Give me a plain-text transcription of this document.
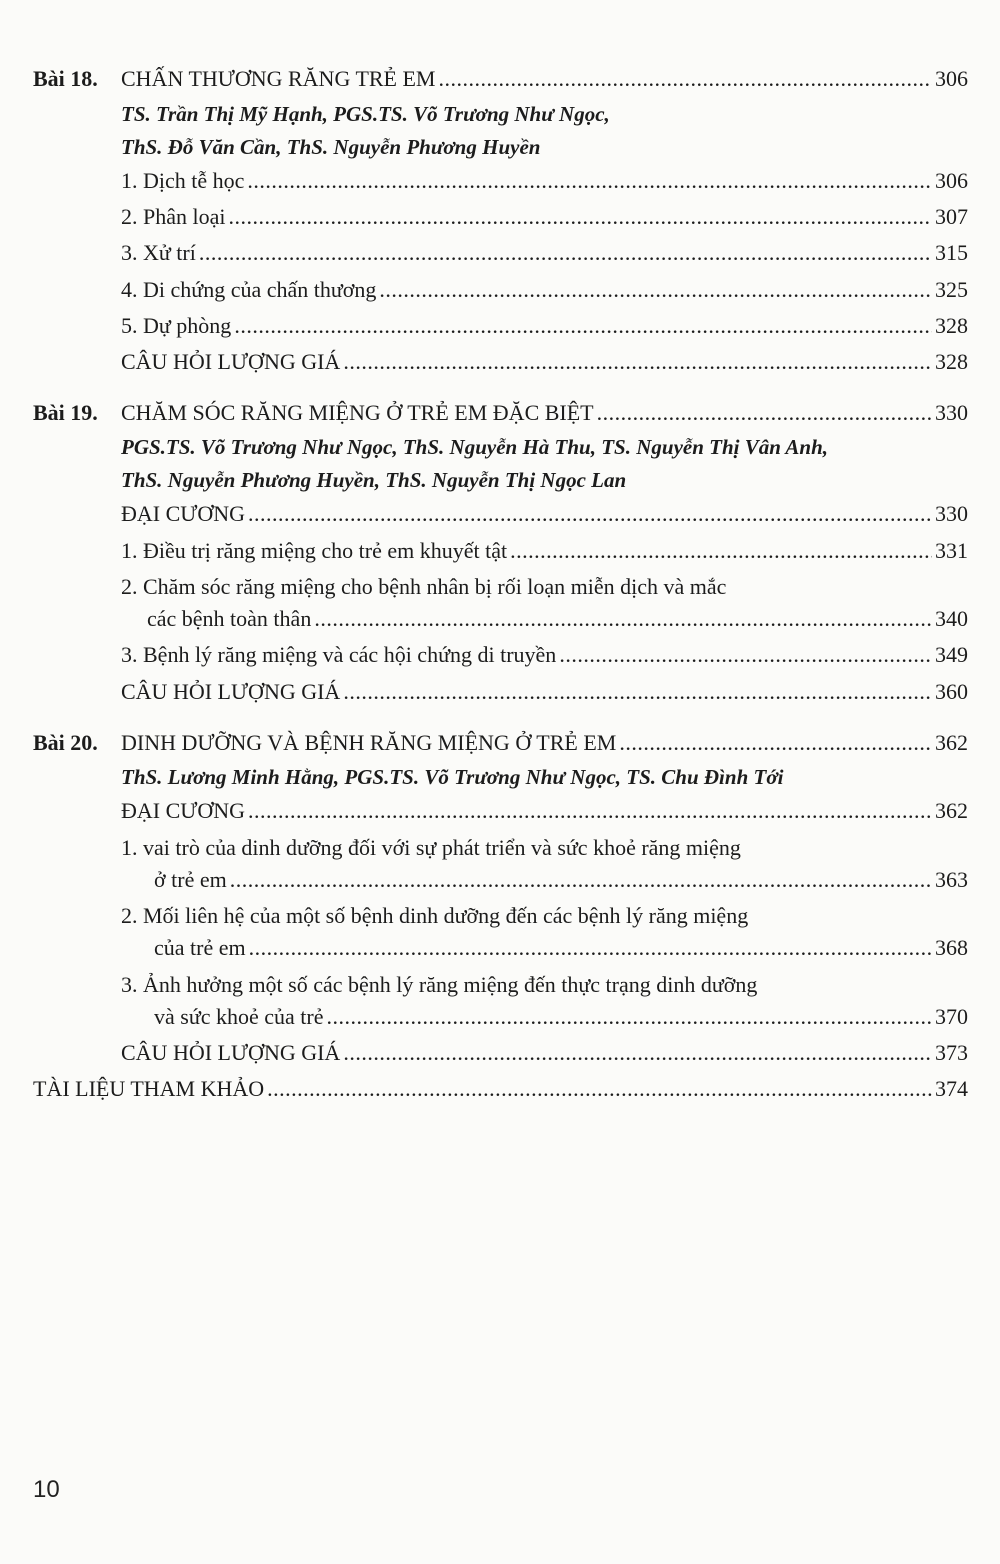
Bài 18.	CHẤN THƯƠNG RĂNG TRẺ EM .....	306
TS. Trần Thị Mỹ Hạnh, PGS.TS. Võ Trương Như Ngọc,
ThS. Đỗ Văn Cần, ThS. Nguyễn Phương Huyền
1. Dịch tễ học .....	306
2. Phân loại .....	307
3. Xử trí .....	315
4. Di chứng của chấn thương .....	325
5. Dự phòng .....	328
CÂU HỎI LƯỢNG GIÁ .....	328
Bài 19.	CHĂM SÓC RĂNG MIỆNG Ở TRẺ EM ĐẶC BIỆT .....	330
PGS.TS. Võ Trương Như Ngọc, ThS. Nguyễn Hà Thu, TS. Nguyễn Thị Vân Anh,
ThS. Nguyễn Phương Huyền, ThS. Nguyễn Thị Ngọc Lan
ĐẠI CƯƠNG .....	330
1. Điều trị răng miệng cho trẻ em khuyết tật .....	331
2. Chăm sóc răng miệng cho bệnh nhân bị rối loạn miễn dịch và mắc
các bệnh toàn thân .....	340
3. Bệnh lý răng miệng và các hội chứng di truyền .....	349
CÂU HỎI LƯỢNG GIÁ .....	360
Bài 20.	DINH DƯỠNG VÀ BỆNH RĂNG MIỆNG Ở TRẺ EM .....	362
ThS. Lương Minh Hằng, PGS.TS. Võ Trương Như Ngọc, TS. Chu Đình Tới
ĐẠI CƯƠNG .....	362
1. vai trò của dinh dưỡng đối với sự phát triển và sức khoẻ răng miệng
ở trẻ em .....	363
2. Mối liên hệ của một số bệnh dinh dưỡng đến các bệnh lý răng miệng
của trẻ em .....	368
3. Ảnh hưởng một số các bệnh lý răng miệng đến thực trạng dinh dưỡng
và sức khoẻ của trẻ .....	370
CÂU HỎI LƯỢNG GIÁ .....	373
TÀI LIỆU THAM KHẢO .....	374
10
